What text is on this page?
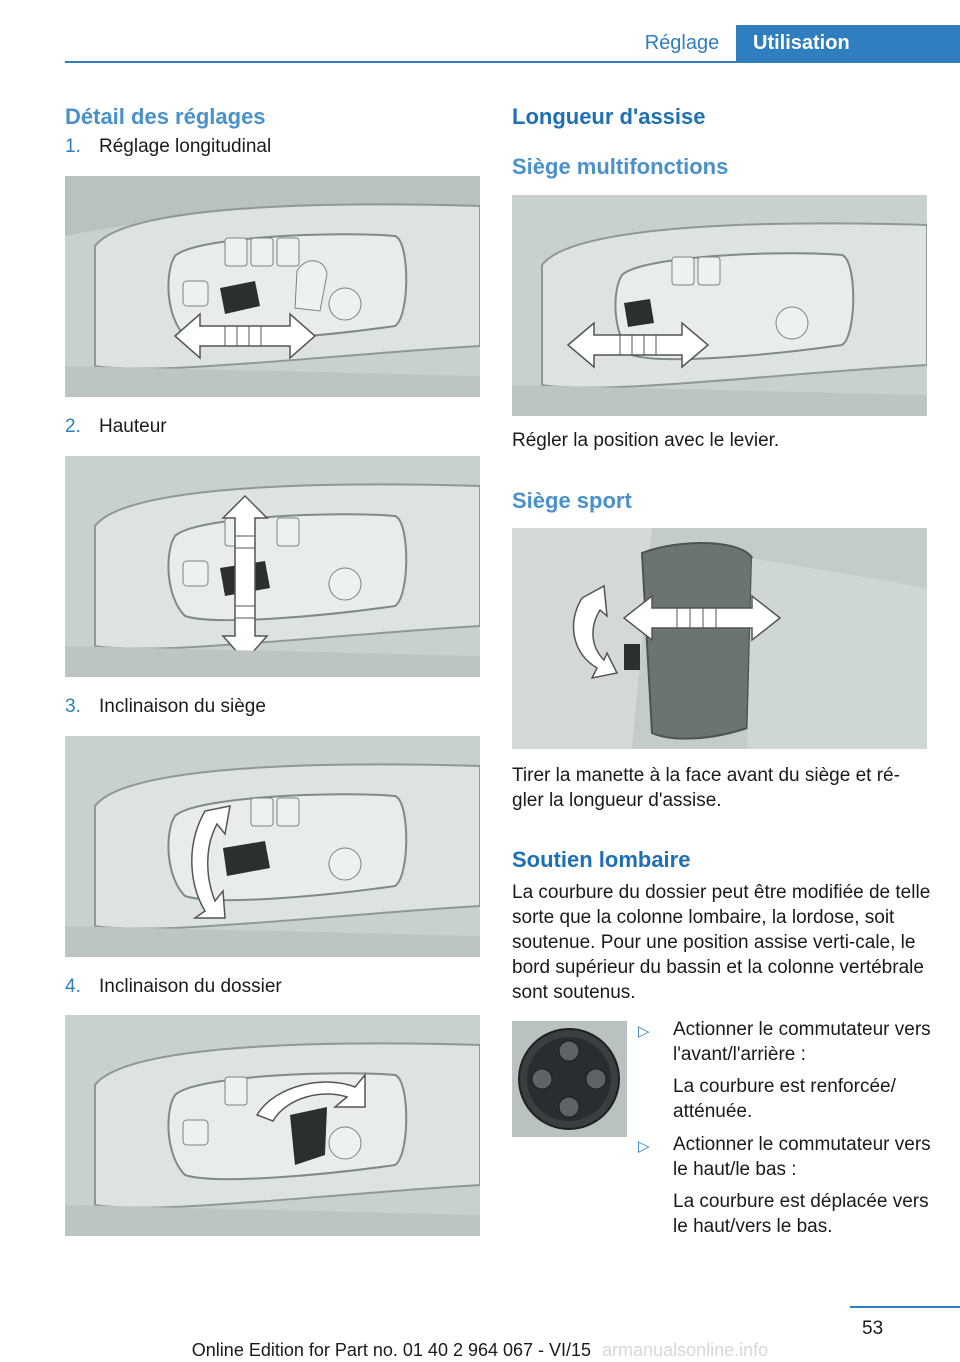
Réglage	Utilisation
Détail des réglages
1. Réglage longitudinal
2. Hauteur
3. Inclinaison du siège
4. Inclinaison du dossier
Longueur d'assise
Siège multifonctions

Régler la position avec le levier.

Siège sport

Tirer la manette à la face avant du siège et ré‐gler la longueur d'assise.

Soutien lombaire

La courbure du dossier peut être modifiée de telle sorte que la colonne lombaire, la lordose, soit soutenue. Pour une position assise verti‐cale, le bord supérieur du bassin et la colonne vertébrale sont soutenus.

▷ Actionner le commutateur vers l'avant/l'arrière :
La courbure est renforcée/ atténuée.
▷ Actionner le commutateur vers le haut/le bas :
La courbure est déplacée vers le haut/vers le bas.
53
Online Edition for Part no. 01 40 2 964 067 - VI/15 armanualsonline.info
